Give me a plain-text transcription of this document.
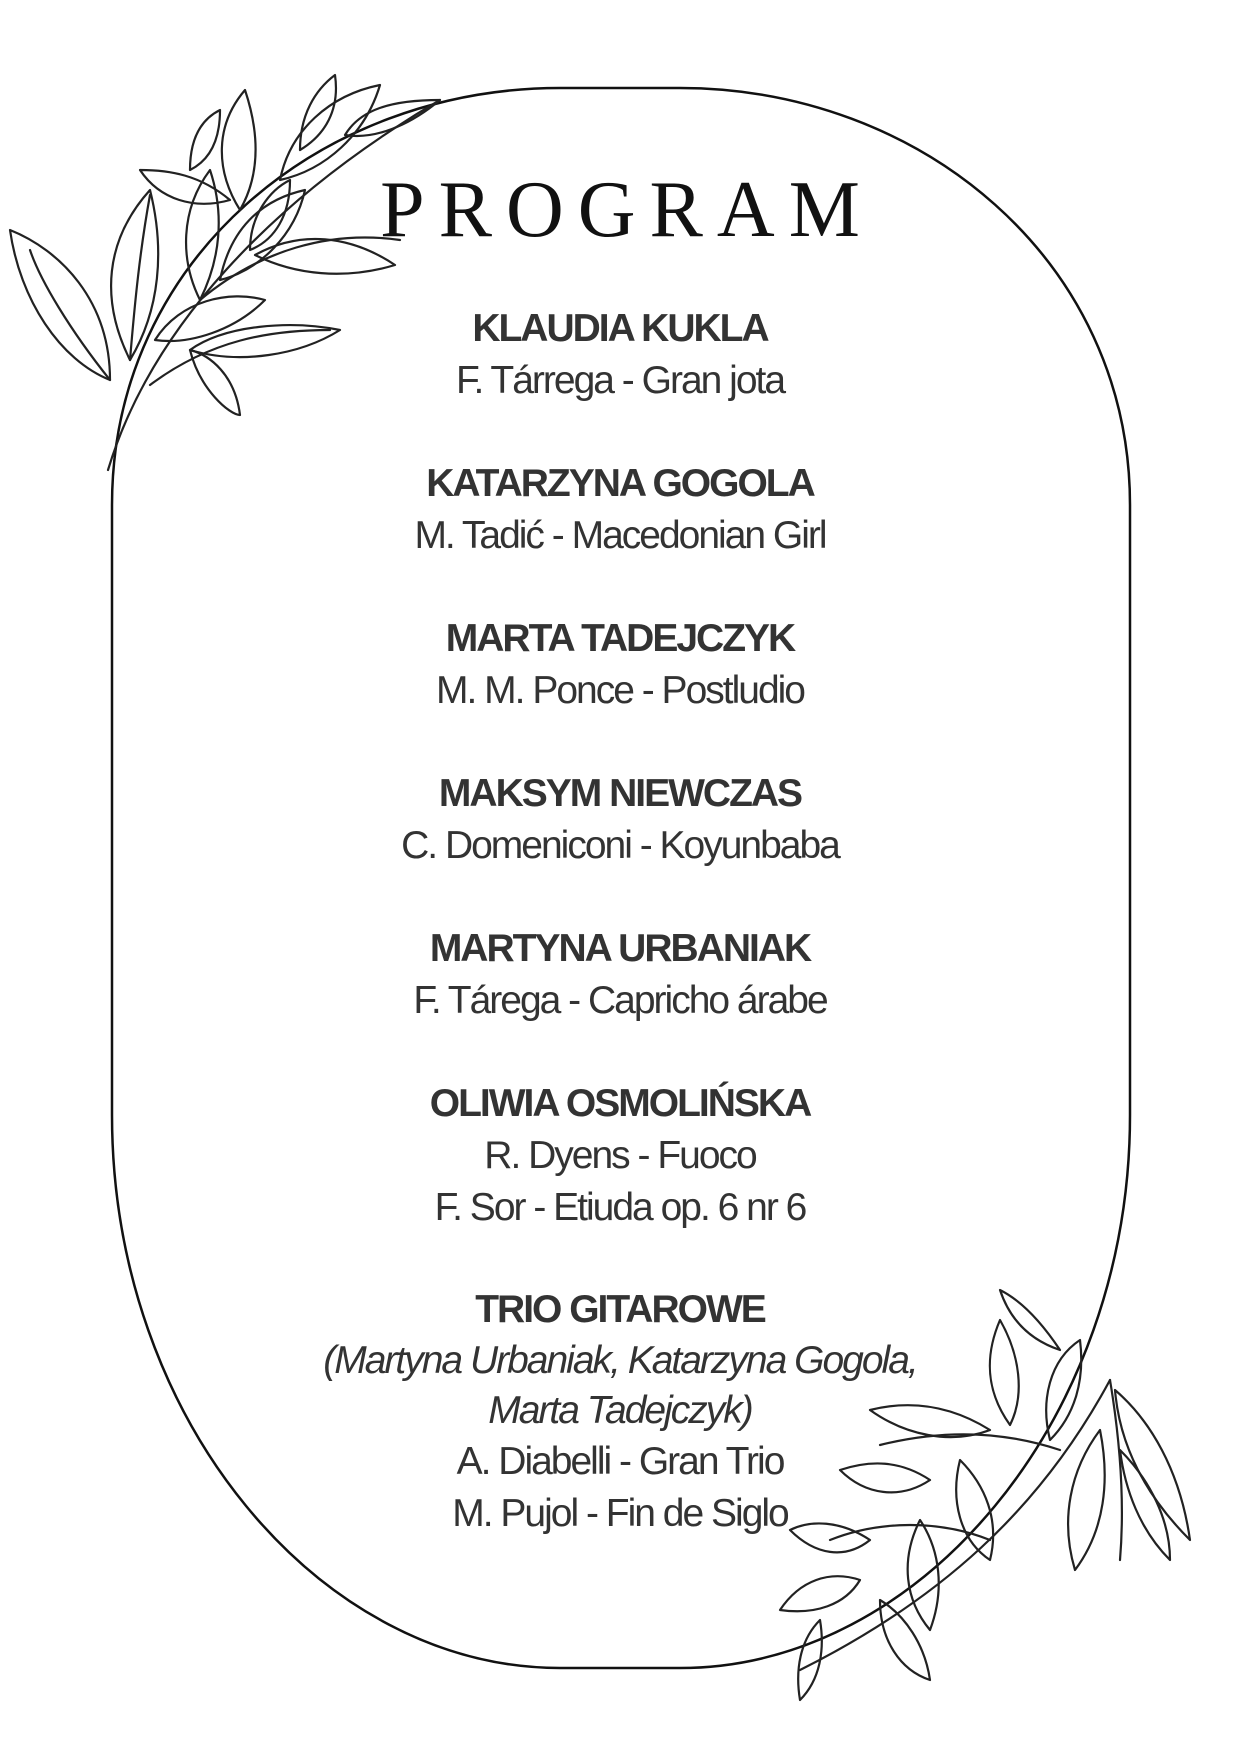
PROGRAM
KLAUDIA KUKLA
F. Tárrega - Gran jota
KATARZYNA GOGOLA
M. Tadić - Macedonian Girl
MARTA TADEJCZYK
M. M. Ponce - Postludio
MAKSYM NIEWCZAS
C. Domeniconi - Koyunbaba
MARTYNA URBANIAK
F. Tárega - Capricho árabe
OLIWIA OSMOLIŃSKA
R. Dyens - Fuoco
F. Sor - Etiuda op. 6 nr 6
TRIO GITAROWE
(Martyna Urbaniak, Katarzyna Gogola,
Marta Tadejczyk)
A. Diabelli - Gran Trio
M. Pujol - Fin de Siglo
